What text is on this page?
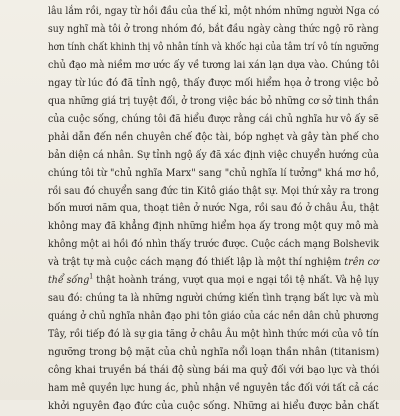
lâu lắm rồi, ngay từ hồi đầu của thế kỉ, một nhóm những người Nga có
suy nghĩ mà tôi ở trong nhóm đó, bắt đầu ngày càng thức ngộ rõ ràng
hơn tính chất khinh thị vô nhân tính và khốc hại của tâm trí vô tín ngưỡng
chủ đạo mà niềm mơ ước ấy về tương lai xán lạn dựa vào. Chúng tôi
ngay từ lúc đó đã tỉnh ngộ, thấy được mối hiểm họa ở trong việc bỏ
qua những giá trị tuyệt đối, ở trong việc bác bỏ những cơ sở tinh thần
của cuộc sống, chúng tôi đã hiểu được rằng cái chủ nghĩa hư vô ấy sẽ
phải dẫn đến nền chuyên chế độc tài, bóp nghẹt và gây tàn phế cho
bản diện cá nhân. Sự tỉnh ngộ ấy đã xác định việc chuyển hướng của
chúng tôi từ "chủ nghĩa Marx" sang "chủ nghĩa lí tưởng" khá mơ hồ,
rồi sau đó chuyển sang đức tin Kitô giáo thật sự. Mọi thứ xảy ra trong
bốn mươi năm qua, thoạt tiên ở nước Nga, rồi sau đó ở châu Âu, thật
không may đã khẳng định những hiểm họa ấy trong một quy mô mà
không một ai hồi đó nhìn thấy trước được. Cuộc cách mạng Bolshevik
và trật tự mà cuộc cách mạng đó thiết lập là một thí nghiệm trên cơ
thể sống$^1$ thật hoành tráng, vượt qua mọi e ngại tồi tệ nhất. Và hệ lụy
sau đó: chúng ta là những người chứng kiến tình trạng bất lực và mù
quáng ở chủ nghĩa nhân đạo phi tôn giáo của các nền dân chủ phương
Tây, rồi tiếp đó là sự gia tăng ở châu Âu một hình thức mới của vô tín
ngưỡng trong bộ mặt của chủ nghĩa nổi loạn thần nhân (titanism)
công khai truyền bá thái độ sùng bái ma quỷ đối với bạo lực và thói
ham mê quyền lực hung ác, phủ nhận về nguyên tắc đối với tất cả các
khởi nguyên đạo đức của cuộc sống. Những ai hiểu được bản chất
